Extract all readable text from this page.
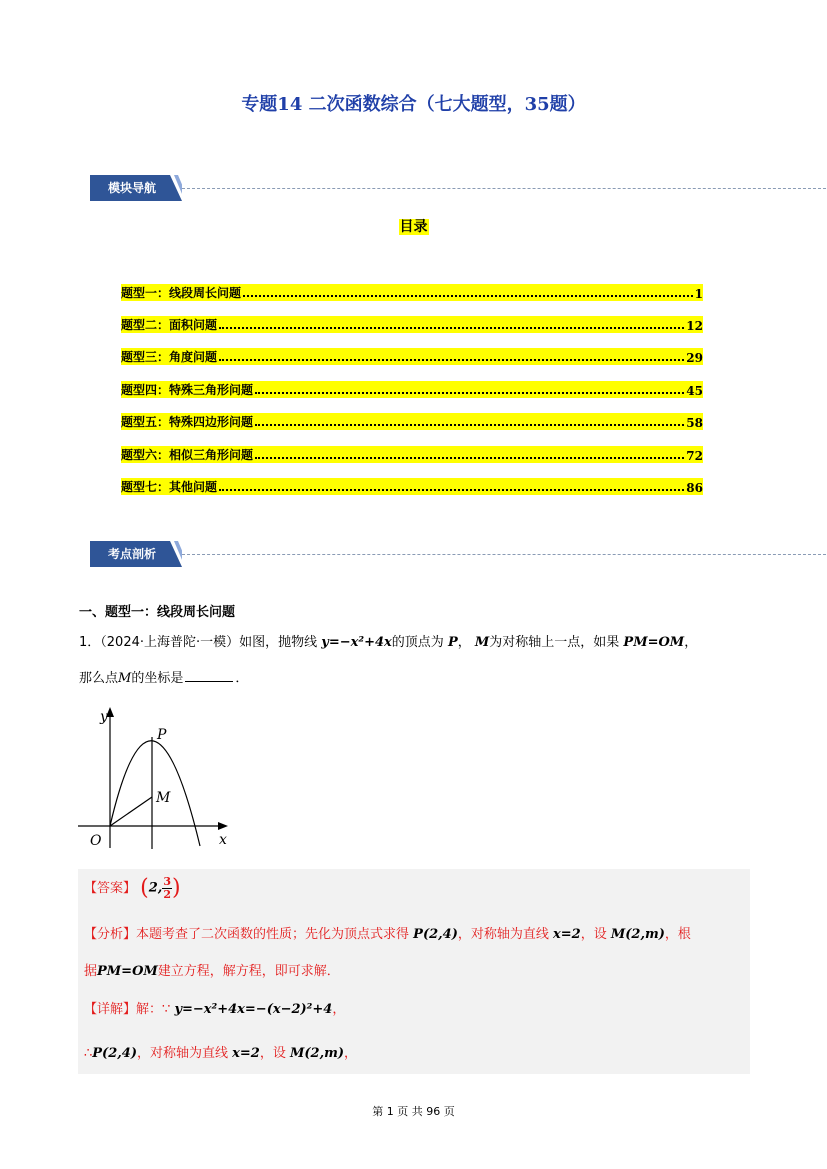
专题14 二次函数综合（七大题型，35题）
模块导航
目录
题型一：线段周长问题	1
题型二：面积问题	12
题型三：角度问题	29
题型四：特殊三角形问题	45
题型五：特殊四边形问题	58
题型六：相似三角形问题	72
题型七：其他问题	86
考点剖析
一、题型一：线段周长问题
1．（2024·上海普陀·一模）如图，抛物线 y=−x²+4x的顶点为 P， M为对称轴上一点，如果 PM=OM，
那么点M的坐标是	．
y
x
O
P
M
【答案】 (2, $\frac{3}{2}$ )
【分析】本题考查了二次函数的性质；先化为顶点式求得 P(2,4)，对称轴为直线 x=2，设 M(2,m)，根
据PM=OM建立方程，解方程，即可求解．
【详解】解：∵ y=−x²+4x=−(x−2)²+4，
∴P(2,4)，对称轴为直线 x=2，设 M(2,m)，
第 1 页 共 96 页
